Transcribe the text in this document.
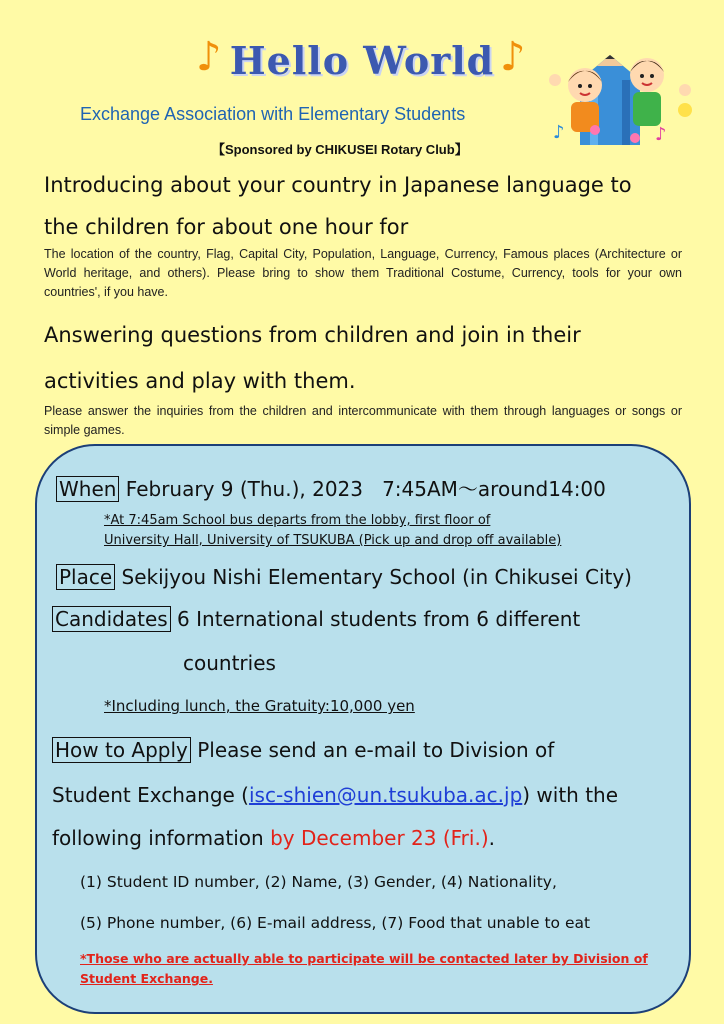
♪ Hello World ♪
♪	♪
Exchange Association with Elementary Students
【Sponsored by CHIKUSEI Rotary Club】
Introducing about your country in Japanese language to
the children for about one hour for
The location of the country, Flag, Capital City, Population, Language, Currency, Famous places (Architecture or World heritage, and others). Please bring to show them Traditional Costume, Currency, tools for your own countries', if you have.
Answering questions from children and join in their
activities and play with them.
Please answer the inquiries from the children and intercommunicate with them through languages or songs or simple games.
When February 9 (Thu.), 2023   7:45AM～around14:00
*At 7:45am School bus departs from the lobby, first floor of
University Hall, University of TSUKUBA (Pick up and drop off available)
Place Sekijyou Nishi Elementary School (in Chikusei City)
Candidates 6 International students from 6 different
countries
*Including lunch, the Gratuity:10,000 yen
How to Apply Please send an e-mail to Division of
Student Exchange (isc-shien@un.tsukuba.ac.jp) with the
following information by December 23 (Fri.).
(1) Student ID number, (2) Name, (3) Gender, (4) Nationality,
(5) Phone number, (6) E-mail address, (7) Food that unable to eat
*Those who are actually able to participate will be contacted later by Division of
Student Exchange.
